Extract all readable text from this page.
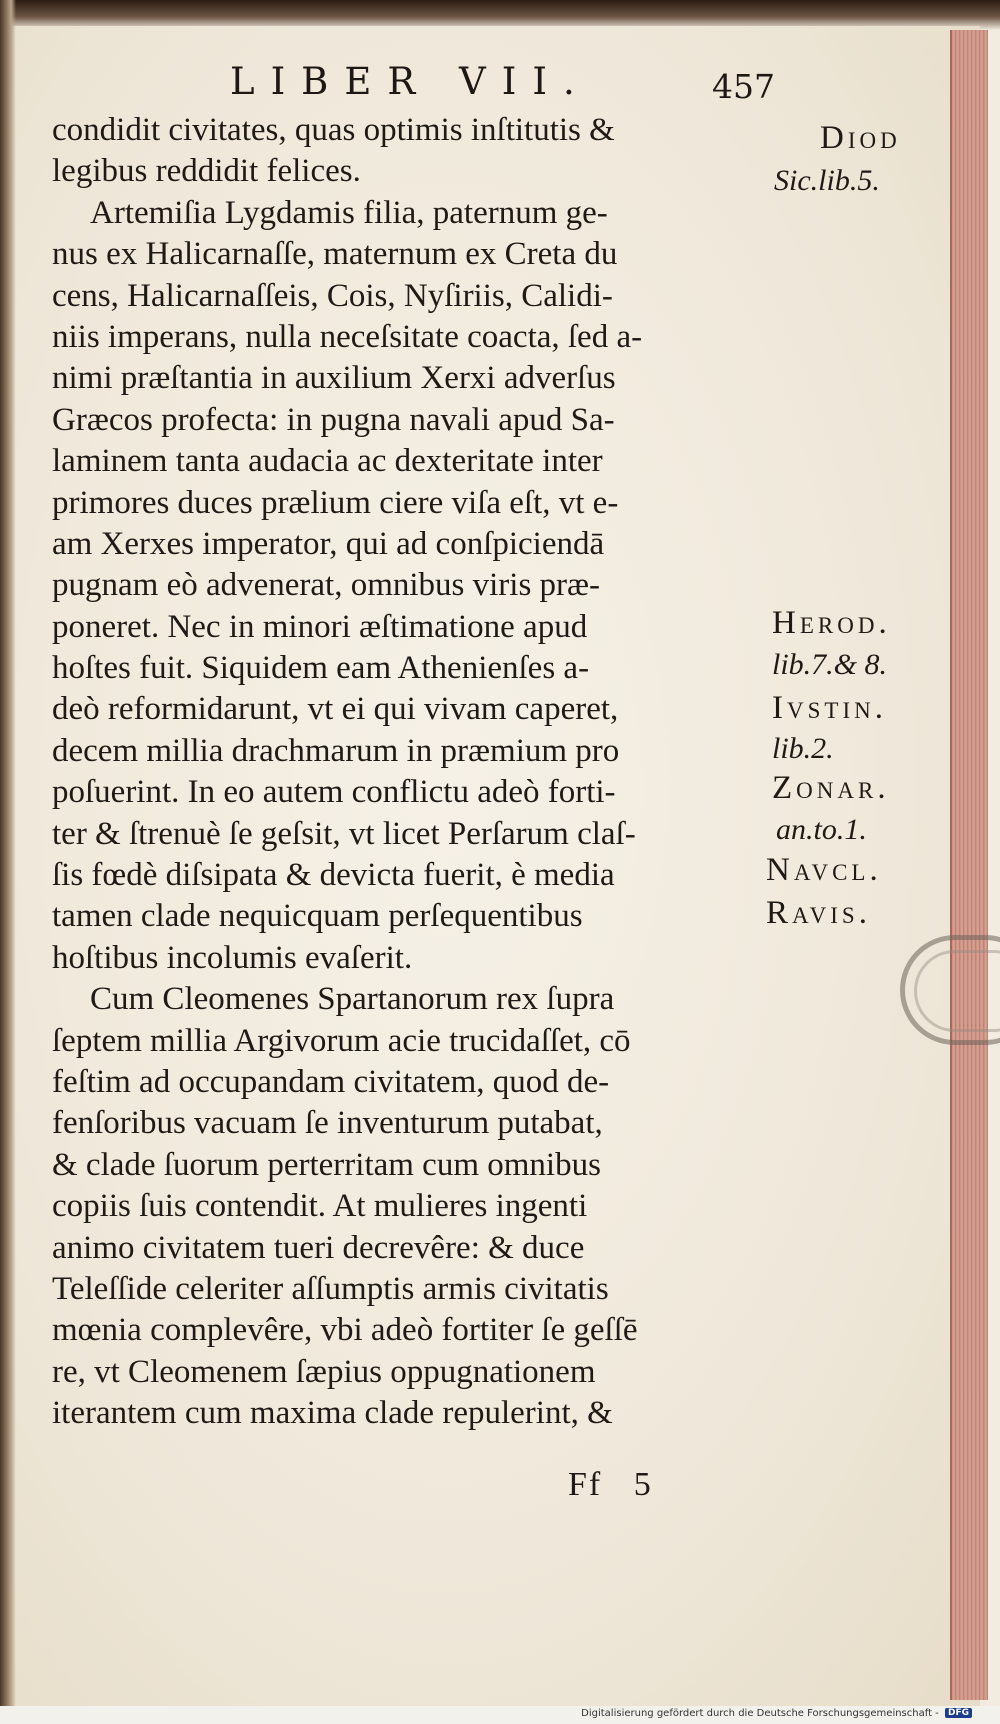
LIBER VII.	457
condidit civitates, quas optimis inſtitutis &
legibus reddidit felices.
Artemiſia Lygdamis filia, paternum ge-
nus ex Halicarnaſſe, maternum ex Creta du
cens, Halicarnaſſeis, Cois, Nyſiriis, Calidi-
niis imperans, nulla neceſsitate coacta, ſed a-
nimi præſtantia in auxilium Xerxi adverſus
Græcos profecta: in pugna navali apud Sa-
laminem tanta audacia ac dexteritate inter
primores duces prælium ciere viſa eſt, vt e-
am Xerxes imperator, qui ad conſpiciendā
pugnam eò advenerat, omnibus viris præ-
poneret. Nec in minori æſtimatione apud
hoſtes fuit. Siquidem eam Athenienſes a-
deò reformidarunt, vt ei qui vivam caperet,
decem millia drachmarum in præmium pro
poſuerint. In eo autem conflictu adeò forti-
ter & ſtrenuè ſe geſsit, vt licet Perſarum claſ-
ſis fœdè diſsipata & devicta fuerit, è media
tamen clade nequicquam perſequentibus
hoſtibus incolumis evaſerit.
Cum Cleomenes Spartanorum rex ſupra
ſeptem millia Argivorum acie trucidaſſet, cō
feſtim ad occupandam civitatem, quod de-
fenſoribus vacuam ſe inventurum putabat,
& clade ſuorum perterritam cum omnibus
copiis ſuis contendit. At mulieres ingenti
animo civitatem tueri decrevêre: & duce
Teleſſide celeriter aſſumptis armis civitatis
mœnia complevêre, vbi adeò fortiter ſe geſſē
re, vt Cleomenem ſæpius oppugnationem
iterantem cum maxima clade repulerint, &
Ff   5
Diod
Sic.lib.5.
Herod.
lib.7.& 8.
Ivstin.
lib.2.
Zonar.
an.to.1.
Navcl.
Ravis.
Digitalisierung gefördert durch die Deutsche Forschungsgemeinschaft - DFG
